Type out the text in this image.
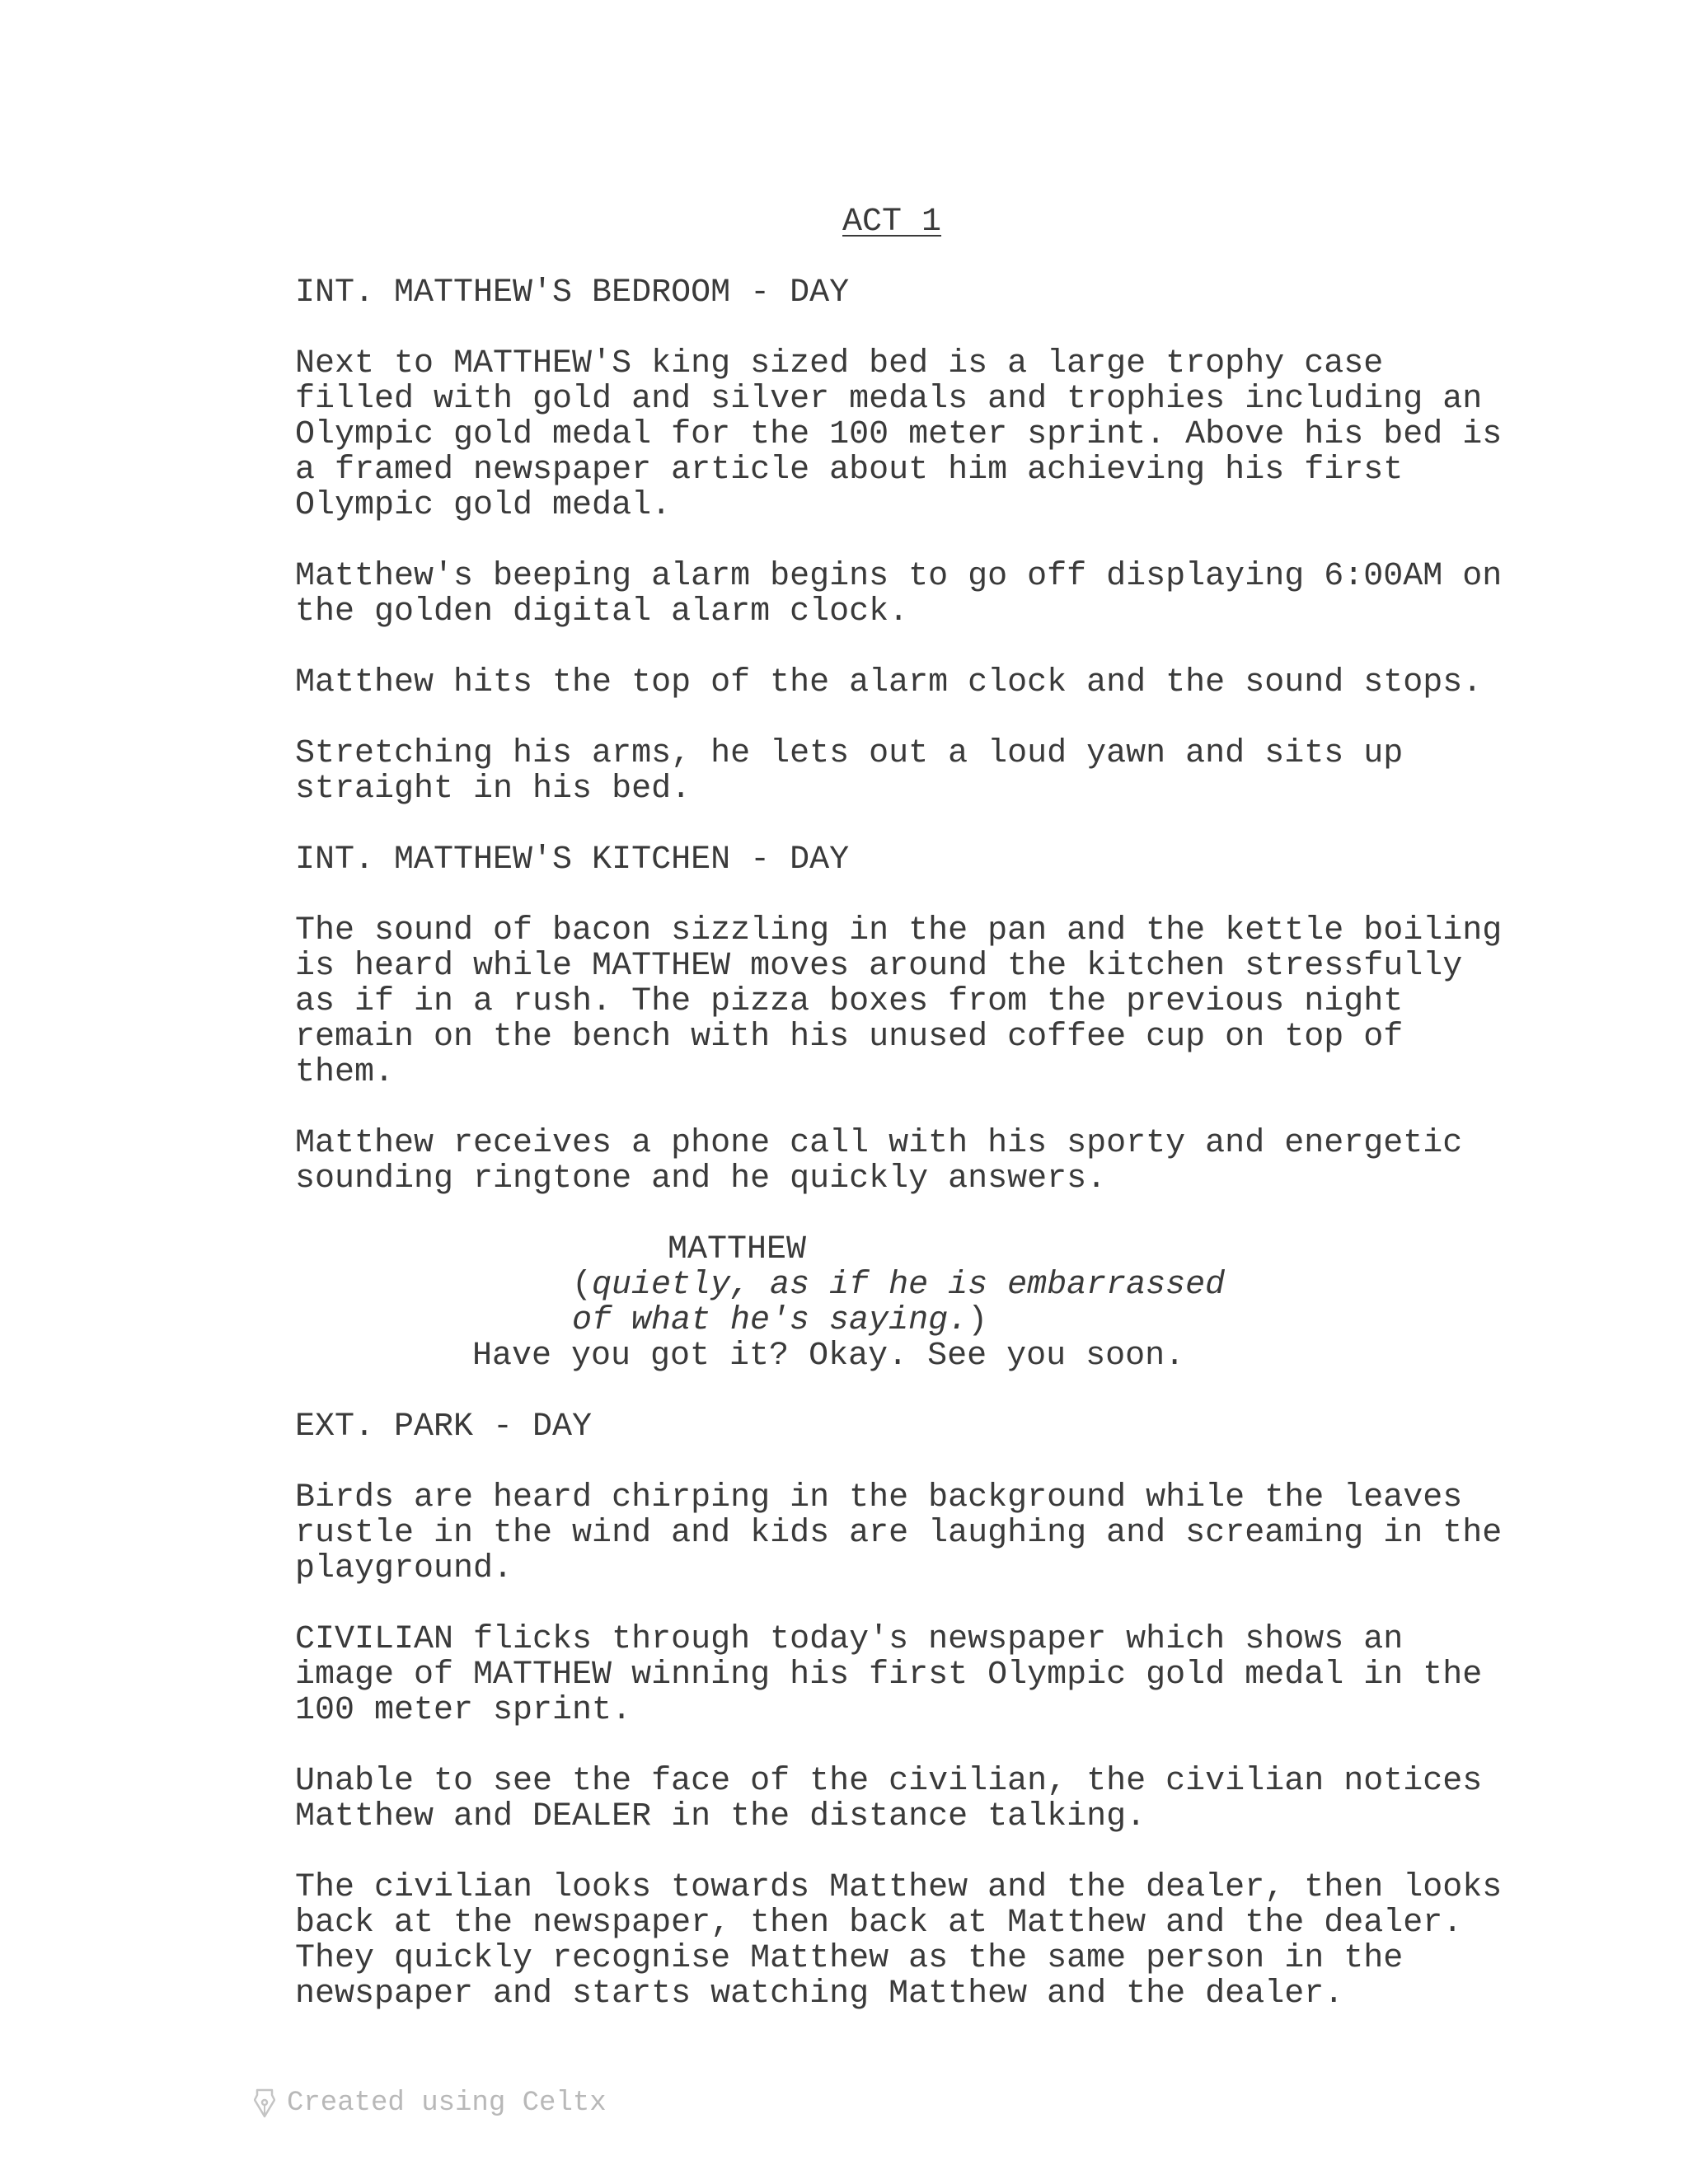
ACT 1
INT. MATTHEW'S BEDROOM - DAY
Next to MATTHEW'S king sized bed is a large trophy case
filled with gold and silver medals and trophies including an
Olympic gold medal for the 100 meter sprint. Above his bed is
a framed newspaper article about him achieving his first
Olympic gold medal.
Matthew's beeping alarm begins to go off displaying 6:00AM on
the golden digital alarm clock.
Matthew hits the top of the alarm clock and the sound stops.
Stretching his arms, he lets out a loud yawn and sits up
straight in his bed.
INT. MATTHEW'S KITCHEN - DAY
The sound of bacon sizzling in the pan and the kettle boiling
is heard while MATTHEW moves around the kitchen stressfully
as if in a rush. The pizza boxes from the previous night
remain on the bench with his unused coffee cup on top of
them.
Matthew receives a phone call with his sporty and energetic
sounding ringtone and he quickly answers.
MATTHEW
(quietly, as if he is embarrassed
of what he's saying.)
Have you got it? Okay. See you soon.
EXT. PARK - DAY
Birds are heard chirping in the background while the leaves
rustle in the wind and kids are laughing and screaming in the
playground.
CIVILIAN flicks through today's newspaper which shows an
image of MATTHEW winning his first Olympic gold medal in the
100 meter sprint.
Unable to see the face of the civilian, the civilian notices
Matthew and DEALER in the distance talking.
The civilian looks towards Matthew and the dealer, then looks
back at the newspaper, then back at Matthew and the dealer.
They quickly recognise Matthew as the same person in the
newspaper and starts watching Matthew and the dealer.
Created using Celtx
